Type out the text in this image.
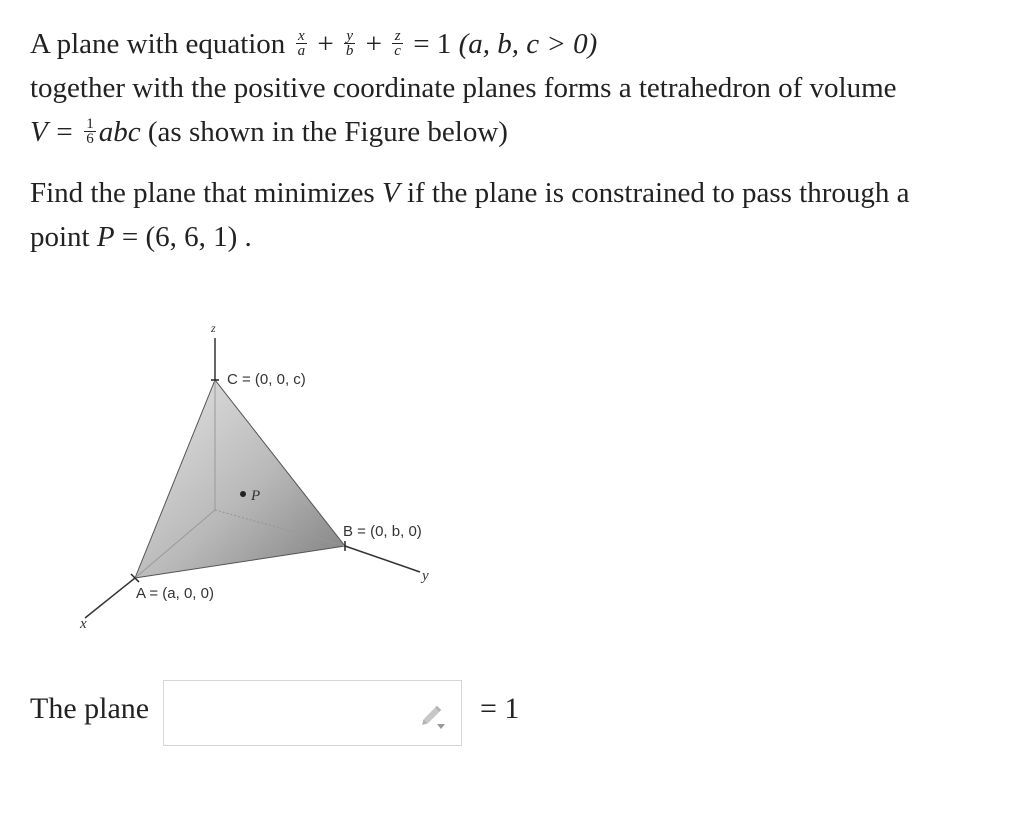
A plane with equation $\frac{x}{a} + \frac{y}{b} + \frac{z}{c} = 1$ (a, b, c > 0)
together with the positive coordinate planes forms a tetrahedron of volume
$V = \frac{1}{6}$ abc (as shown in the Figure below)
Find the plane that minimizes V if the plane is constrained to pass through a
point P = (6, 6, 1) .
P
z
y
x
C = (0, 0, c)
B = (0, b, 0)
A = (a, 0, 0)
The plane	= 1
